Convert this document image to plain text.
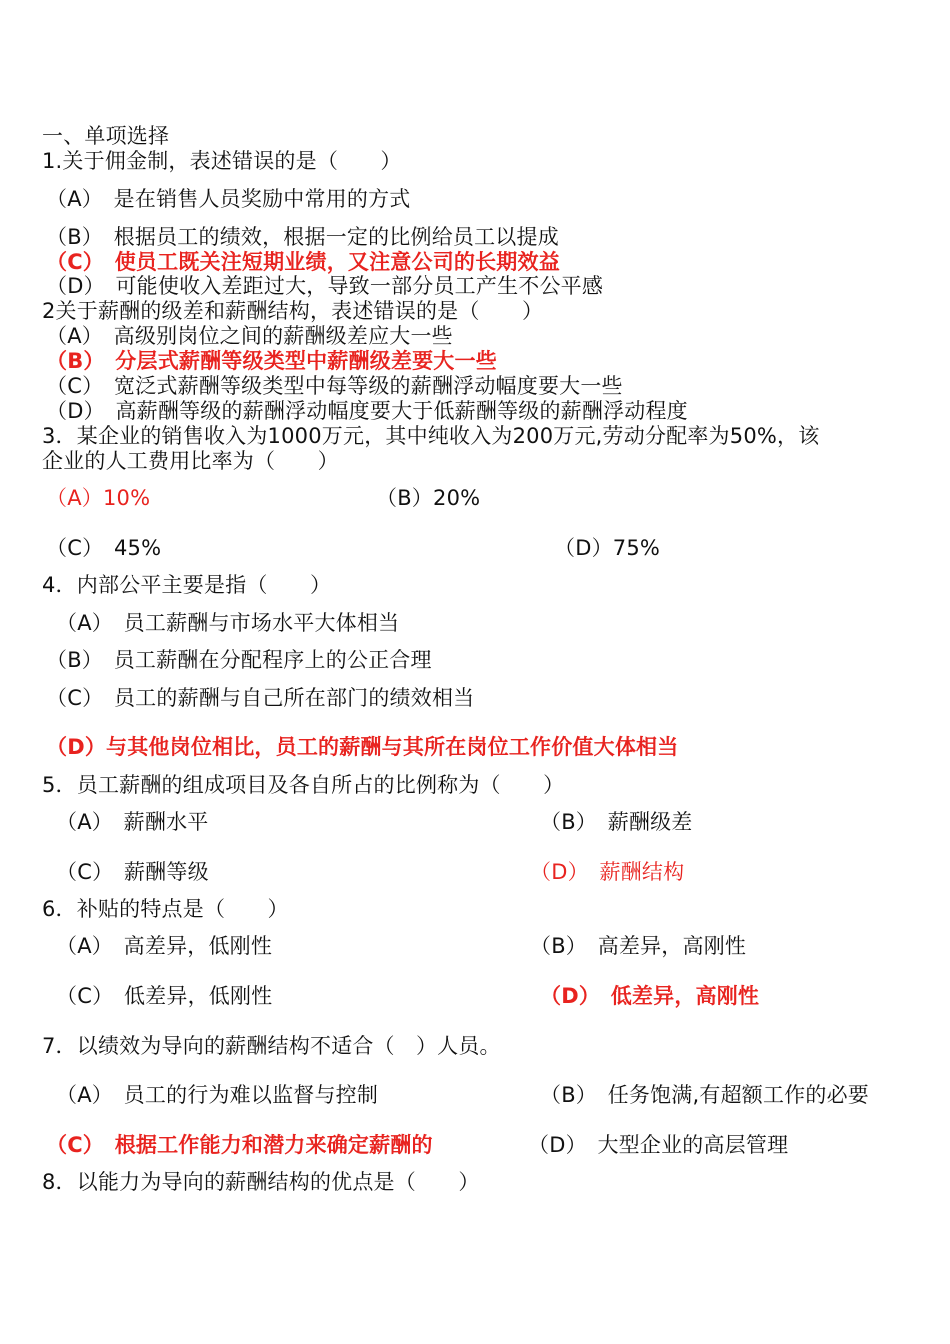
一、单项选择
1.关于佣金制，表述错误的是（　　）
（A）　是在销售人员奖励中常用的方式
（B）　根据员工的绩效，根据一定的比例给员工以提成
（C）　使员工既关注短期业绩，又注意公司的长期效益
（D）　可能使收入差距过大，导致一部分员工产生不公平感
2关于薪酬的级差和薪酬结构，表述错误的是（　　）
（A）　高级别岗位之间的薪酬级差应大一些
（B）　分层式薪酬等级类型中薪酬级差要大一些
（C）　宽泛式薪酬等级类型中每等级的薪酬浮动幅度要大一些
（D）　高薪酬等级的薪酬浮动幅度要大于低薪酬等级的薪酬浮动程度
3．某企业的销售收入为1000万元，其中纯收入为200万元,劳动分配率为50%，该
企业的人工费用比率为（　　）
（A）10%	（B）20%
（C）　45%	（D）75%
4．内部公平主要是指（　　）
（A）　员工薪酬与市场水平大体相当
（B）　员工薪酬在分配程序上的公正合理
（C）　员工的薪酬与自己所在部门的绩效相当
（D）与其他岗位相比，员工的薪酬与其所在岗位工作价值大体相当
5．员工薪酬的组成项目及各自所占的比例称为（　　）
（A）　薪酬水平	（B）　薪酬级差
（C）　薪酬等级	（D）　薪酬结构
6．补贴的特点是（　　）
（A）　高差异，低刚性	（B）　高差异，高刚性
（C）　低差异，低刚性	（D）　低差异，高刚性
7．以绩效为导向的薪酬结构不适合（　）人员。
（A）　员工的行为难以监督与控制	（B）　任务饱满,有超额工作的必要
（C）　根据工作能力和潜力来确定薪酬的	（D）　大型企业的高层管理
8．以能力为导向的薪酬结构的优点是（　　）
